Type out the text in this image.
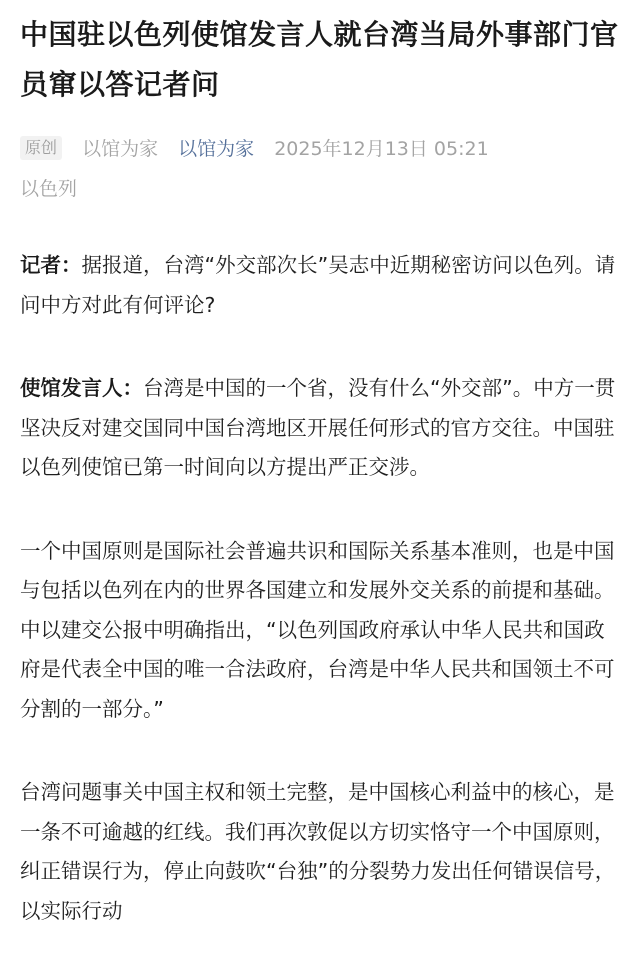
中国驻以色列使馆发言人就台湾当局外事部门官员窜以答记者问
原创 以馆为家 以馆为家 2025年12月13日 05:21
以色列

记者：据报道，台湾“外交部次长”吴志中近期秘密访问以色列。请问中方对此有何评论?

使馆发言人：台湾是中国的一个省，没有什么“外交部”。中方一贯坚决反对建交国同中国台湾地区开展任何形式的官方交往。中国驻以色列使馆已第一时间向以方提出严正交涉。

一个中国原则是国际社会普遍共识和国际关系基本准则，也是中国与包括以色列在内的世界各国建立和发展外交关系的前提和基础。中以建交公报中明确指出，“以色列国政府承认中华人民共和国政府是代表全中国的唯一合法政府，台湾是中华人民共和国领土不可分割的一部分。”

台湾问题事关中国主权和领土完整，是中国核心利益中的核心，是一条不可逾越的红线。我们再次敦促以方切实恪守一个中国原则，纠正错误行为，停止向鼓吹“台独”的分裂势力发出任何错误信号，以实际行动
